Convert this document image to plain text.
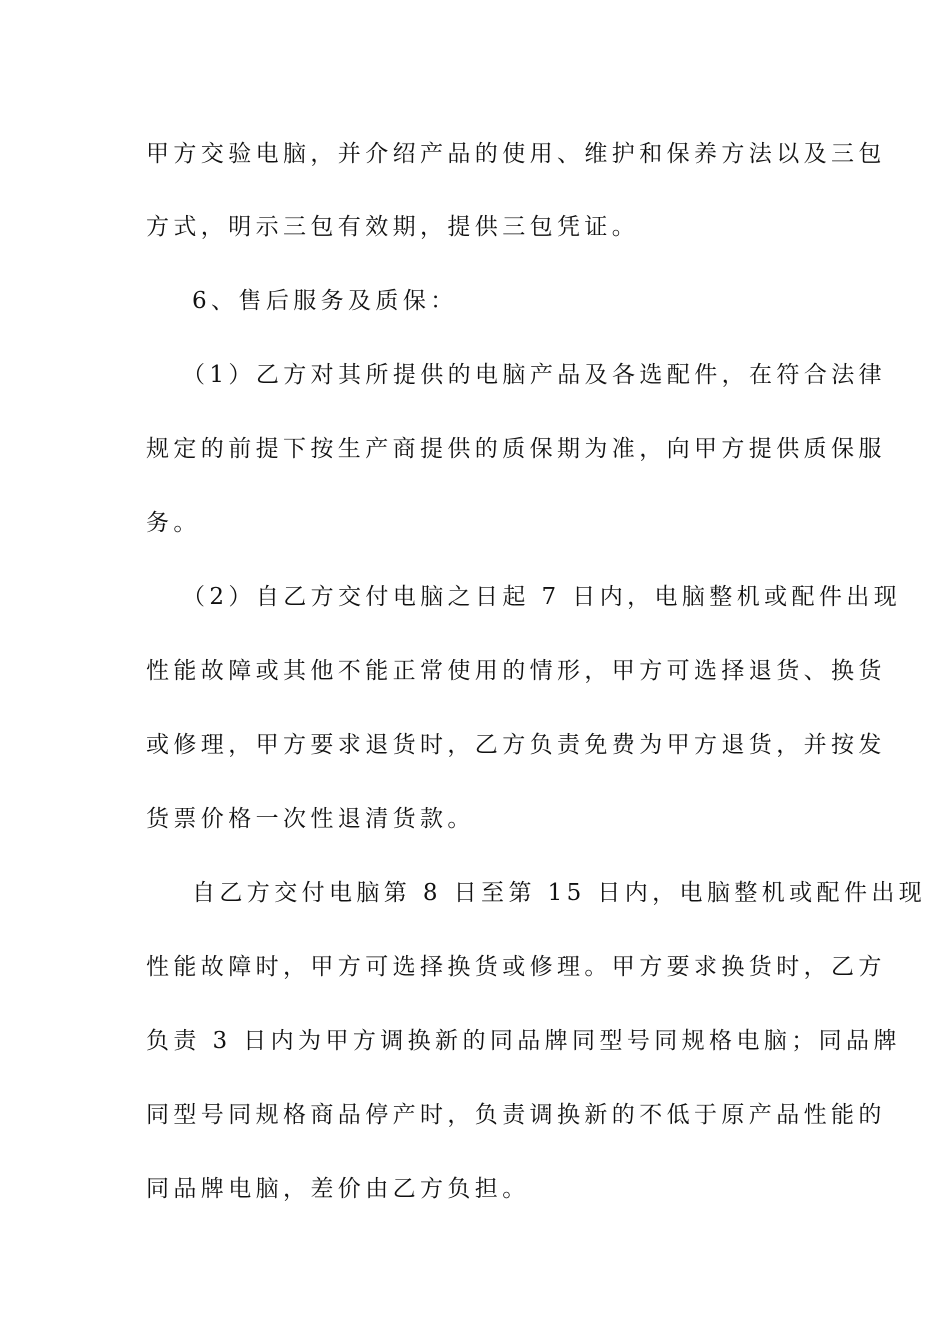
甲方交验电脑，并介绍产品的使用、维护和保养方法以及三包
方式，明示三包有效期，提供三包凭证。
6、售后服务及质保：
（1）乙方对其所提供的电脑产品及各选配件，在符合法律
规定的前提下按生产商提供的质保期为准，向甲方提供质保服
务。
（2）自乙方交付电脑之日起 7 日内，电脑整机或配件出现
性能故障或其他不能正常使用的情形，甲方可选择退货、换货
或修理，甲方要求退货时，乙方负责免费为甲方退货，并按发
货票价格一次性退清货款。
自乙方交付电脑第 8 日至第 15 日内，电脑整机或配件出现
性能故障时，甲方可选择换货或修理。甲方要求换货时，乙方
负责 3 日内为甲方调换新的同品牌同型号同规格电脑；同品牌
同型号同规格商品停产时，负责调换新的不低于原产品性能的
同品牌电脑，差价由乙方负担。
